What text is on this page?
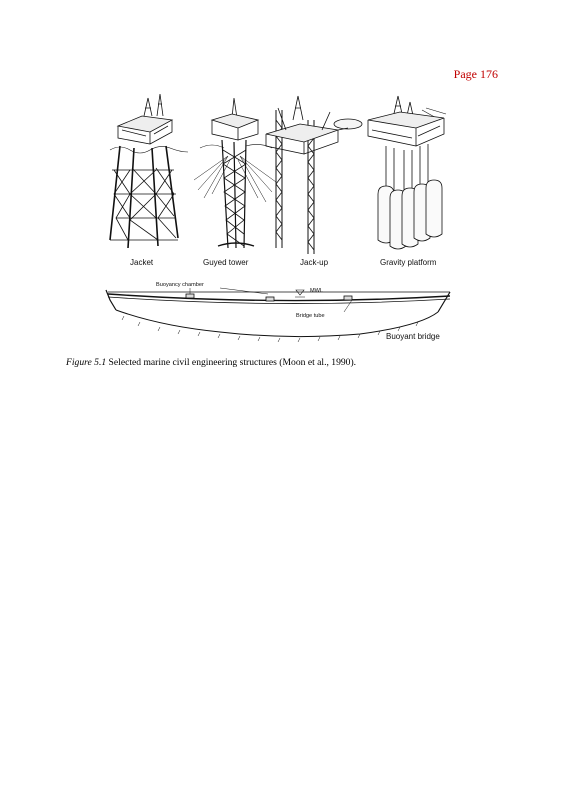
Page 176
Jacket	Guyed tower	Jack-up	Gravity platform
Buoyancy chamber
MWL
Bridge tube
Buoyant bridge
Figure 5.1 Selected marine civil engineering structures (Moon et al., 1990).
